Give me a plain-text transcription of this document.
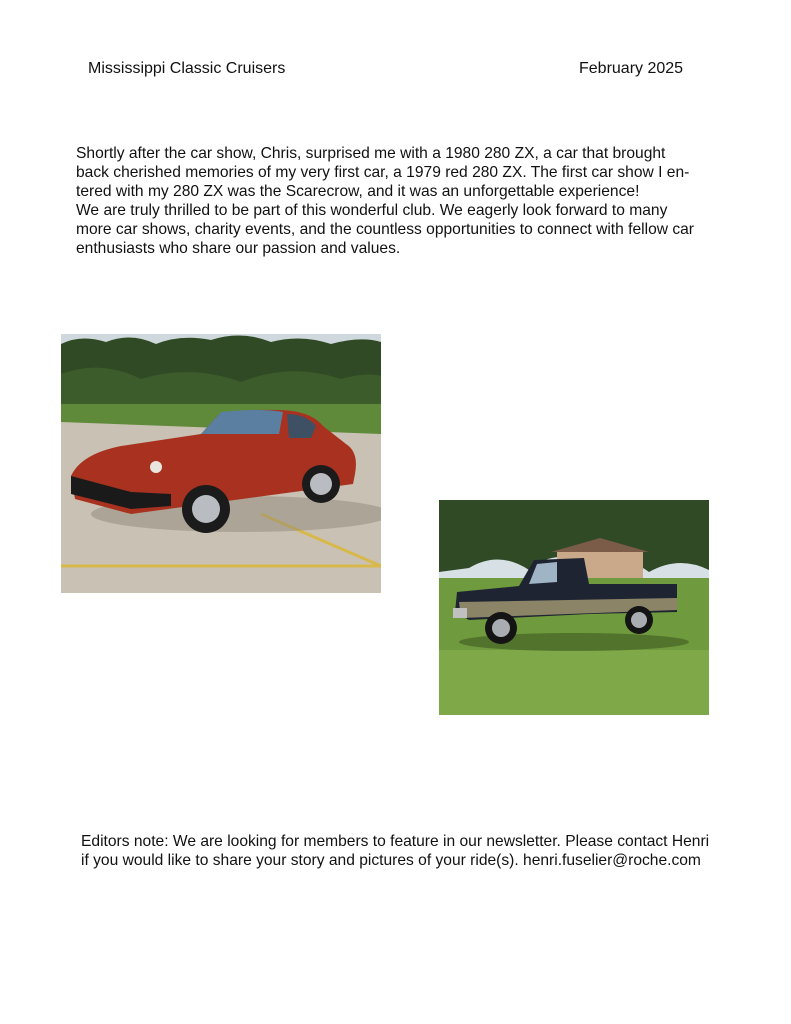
Mississippi Classic Cruisers	February 2025

Shortly after the car show, Chris, surprised me with a 1980 280 ZX, a car that brought

back cherished memories of my very first car, a 1979 red 280 ZX. The first car show I en-

tered with my 280 ZX was the Scarecrow, and it was an unforgettable experience!

We are truly thrilled to be part of this wonderful club. We eagerly look forward to many

more car shows, charity events, and the countless opportunities to connect with fellow car

enthusiasts who share our passion and values.

Editors note: We are looking for members to feature in our newsletter. Please contact Henri

if you would like to share your story and pictures of your ride(s). henri.fuselier@roche.com
